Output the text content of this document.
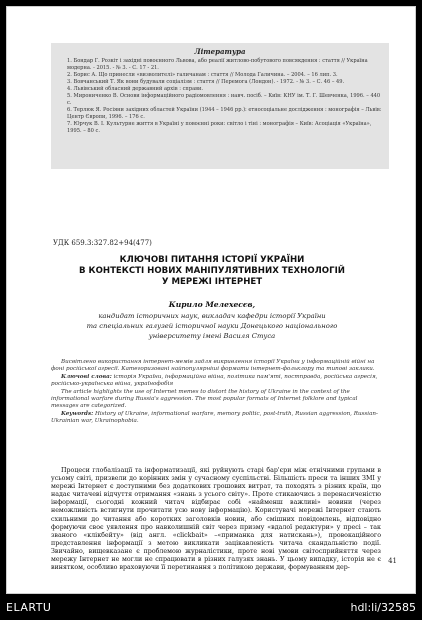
Література
1. Бондар Г. Розкіт і західні повоєнного Львова, або реалії житлово-побутового повсякдення : стаття // Україна модерна. - 2015. - № 3. - С. 17 - 21.
2. Борис А. Що принесли «визволителі» галичанам : стаття // Молода Галичина. – 2004. – 16 лип. 3.
3. Вовчанський Т. Як вони будували соціалізм : стаття // Перемога (Лондон). - 1972. - № 3. – С. 46 – 49.
4. Львівський обласний державний архів : справи.
5. Мирониченко В. Основи інформаційного радіомовлення : навч. посіб. – Київ: КНУ ім. Т. Г. Шевченка, 1996. – 440 с.
6. Терлюк Я. Росіяни західних областей України (1944 – 1946 рр.): етносоціальне дослідження : монографія – Львів: Центр Європи, 1996. – 176 с.
7. Юрчук В. І. Культурне життя в Україні у повоєнні роки: світло і тіні : монографія – Київ: Асоціація «Україна», 1995. – 80 с.
УДК 659.3:327.82+94(477)
КЛЮЧОВІ ПИТАННЯ ІСТОРІЇ УКРАЇНИ
В КОНТЕКСТІ НОВИХ МАНІПУЛЯТИВНИХ ТЕХНОЛОГІЙ
У МЕРЕЖІ ІНТЕРНЕТ
Кирило Мелехесєв,
кандидат історичних наук, викладач кафедри історії України
та спеціальних галузей історичної науки Донецького національного
університету імені Василя Стуса

Висвітлено використання інтернет-мемів задля викривлення історії України у інформаційній війні на фоні російської агресії. Категоризовані найпопулярніші формати інтернет-фольклору та типові заклики.

Ключові слова: історія України, інформаційна війна, політика пам'яті, постправда, російська агресія, російсько-українська війна, укрaїнофобія

The article highlights the use of Internet memes to distort the history of Ukraine in the context of the informational warfare during Russia's aggression. The most popular formats of Internet folklore and typical messages are categorized.

Keywords: History of Ukraine, informational warfare, memory politic, post-truth, Russian aggression, Russian-Ukrainian war, Ukrainophobia.

Процеси глобалізації та інформатизації, які руйнують старі бар'єри між етнічними групами в усьому світі, призвели до корінних змін у сучасному суспільстві. Більшість преси та інших ЗМІ у мережі Інтернет є доступними без додаткових грошових витрат, та походять з різних країн, що надає читачеві відчуття отримання «знань з усього світу». Проте стикаючись з перенасиченістю інформації, сьогодні кожний читач відбирає собі «найменш важливі» новини (через неможливість встигнути прочитати усю нову інформацію). Користувачі мережі Інтернет стають схильними до читання або коротких заголовків новин, або смішних повідомлень, відповідно формуючи своє уявлення про навколишній світ через призму «вдалої редактури» у пресі – так званого «клікбейту» (від англ. «clickbait» –«приманка для натискань»), провокаційного представлення інформації з метою викликати зацікавленість читача скандальністю події. Звичайно, вищевказане є проблемою журналістики, проте нові умови світосприйняття через мережу Інтернет не могли не спрацювати в різних галузях знань. У цьому випадку, історія не є винятком, особливо враховуючи її перетинання з політикою держави, формуванням дер-

41
ELARTU	hdl:li/32585
